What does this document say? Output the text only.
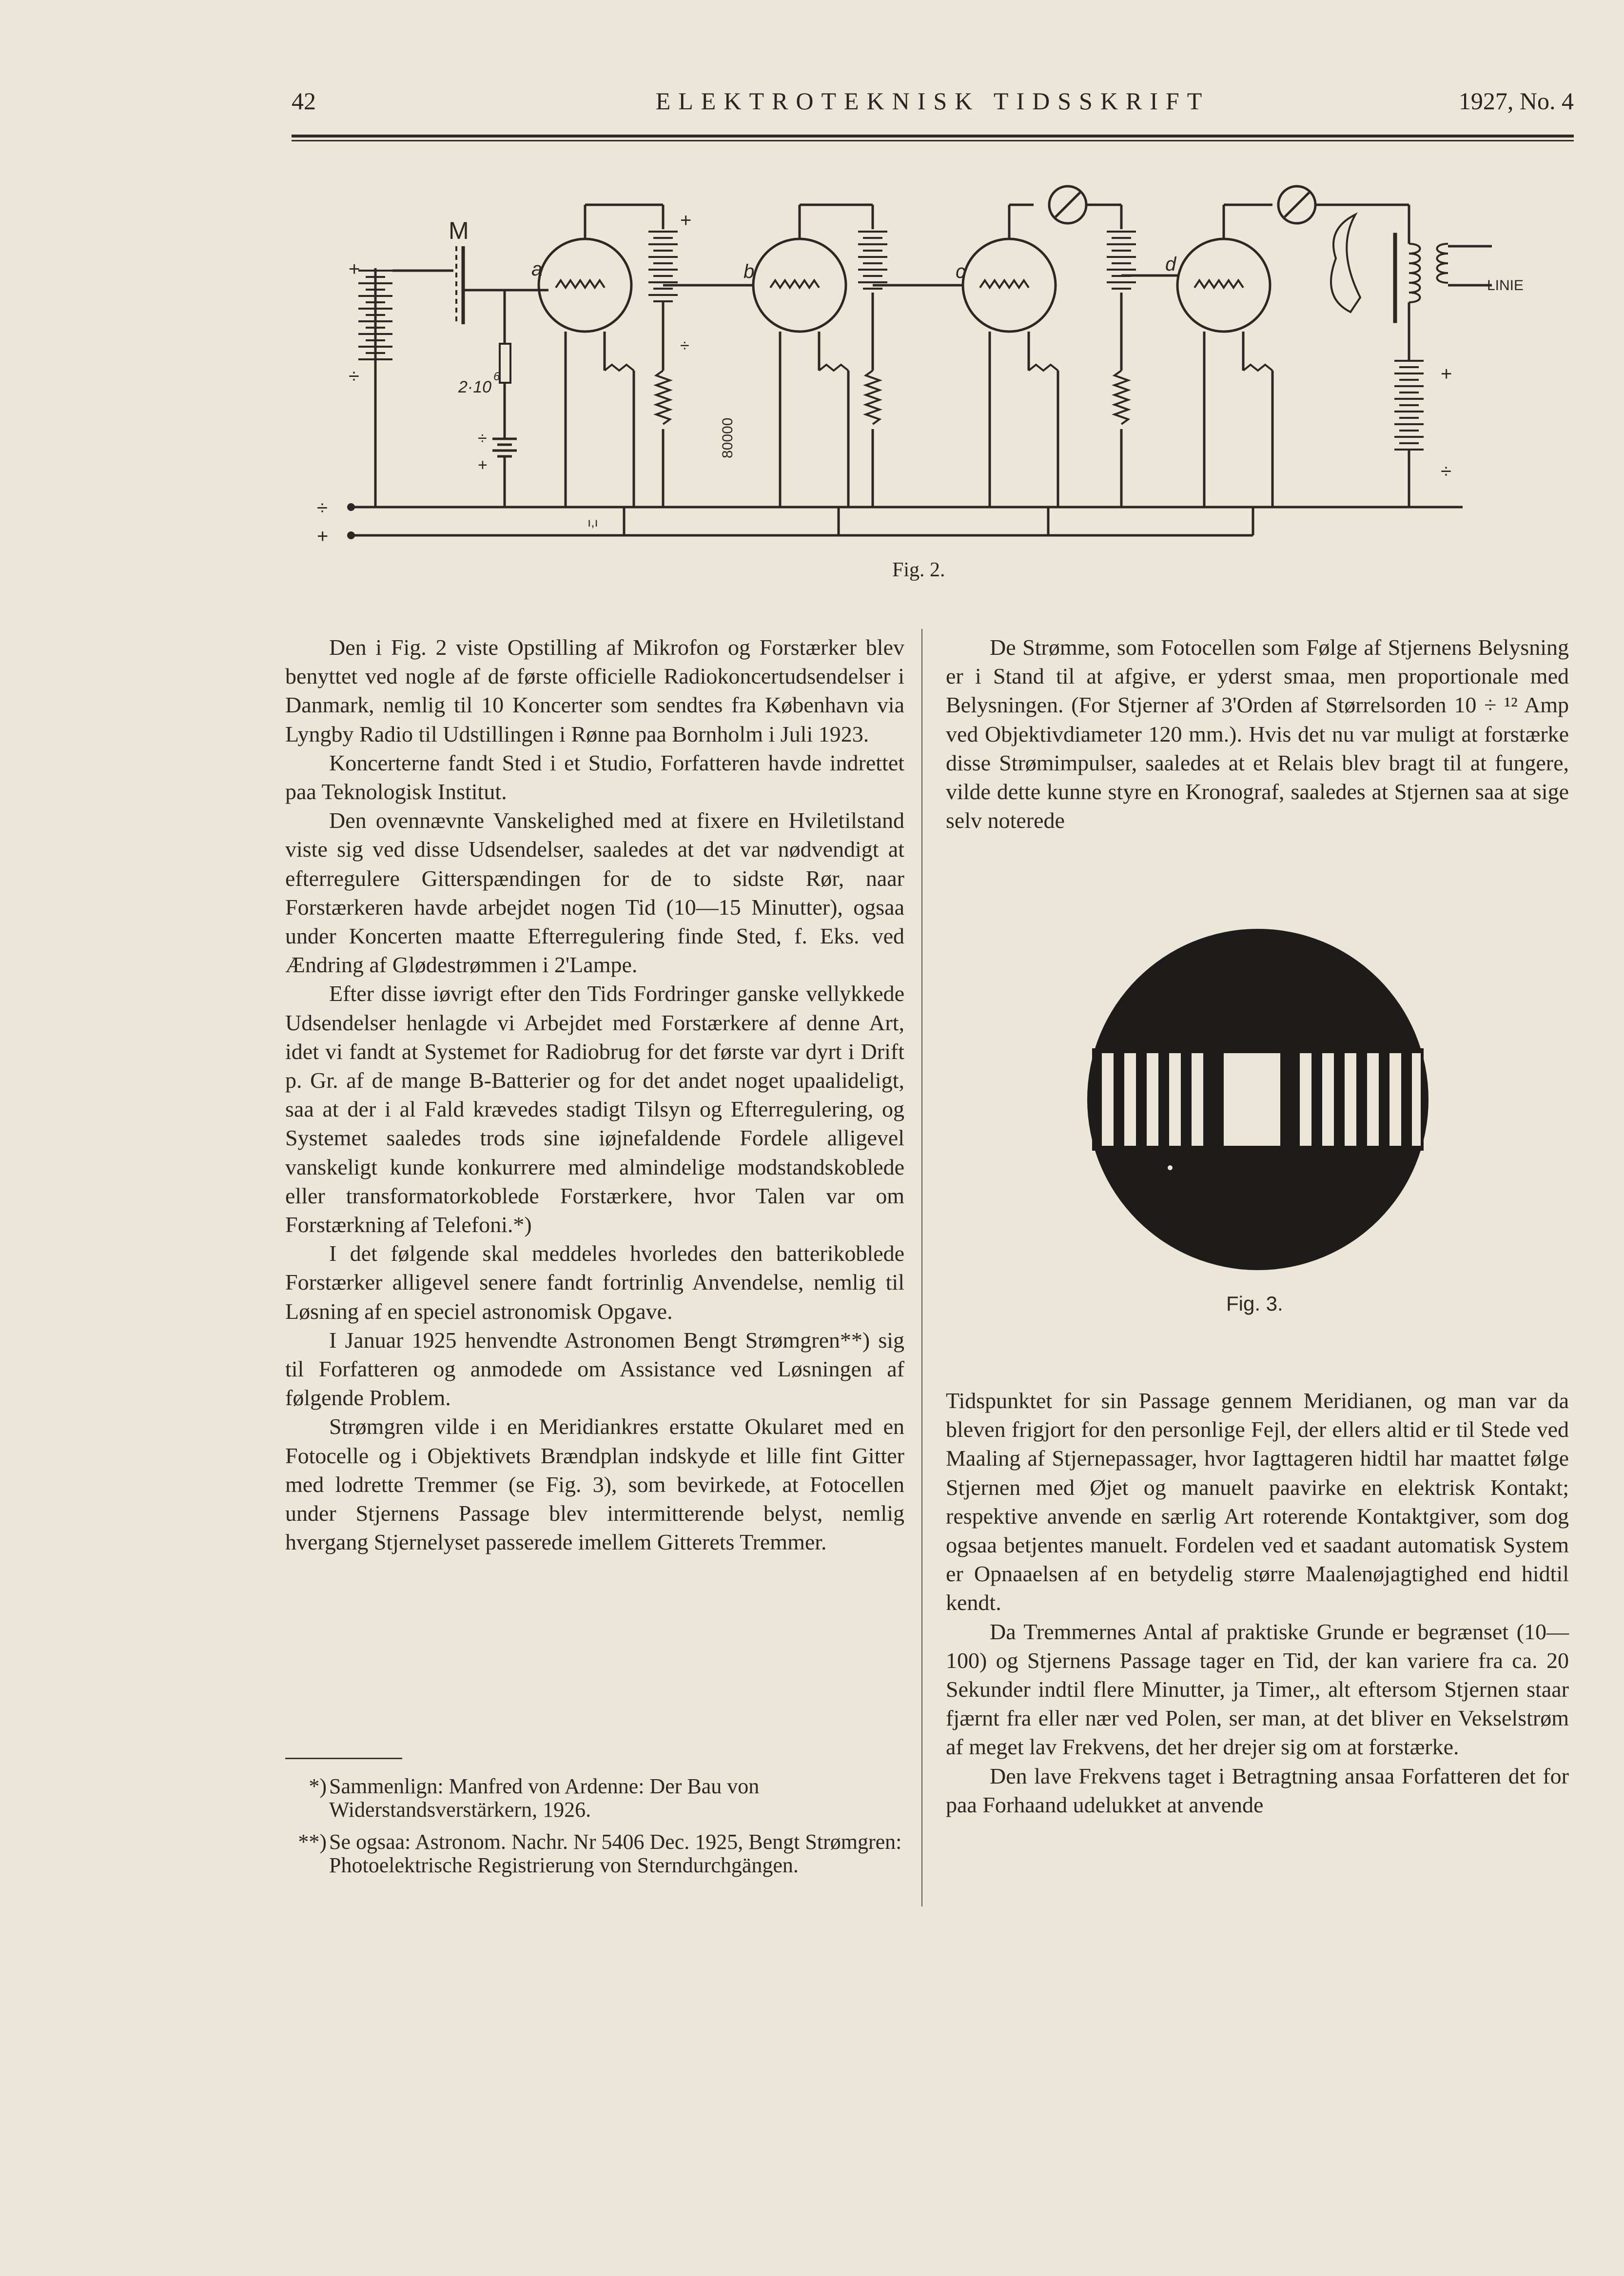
42	ELEKTROTEKNISK TIDSSKRIFT	1927, No. 4
M
+
÷	2·10
6
÷
+
a	b	c	d
+
÷
80000
LINIE
+
÷
÷
+
ı,ı
Fig. 2.

Den i Fig. 2 viste Opstilling af Mikrofon og Forstærker blev benyttet ved nogle af de første officielle Radiokoncertudsendelser i Danmark, nemlig til 10 Koncerter som sendtes fra København via Lyngby Radio til Udstillingen i Rønne paa Bornholm i Juli 1923.

Koncerterne fandt Sted i et Studio, Forfatteren havde indrettet paa Teknologisk Institut.

Den ovennævnte Vanskelighed med at fixere en Hviletilstand viste sig ved disse Udsendelser, saaledes at det var nødvendigt at efterregulere Gitterspændingen for de to sidste Rør, naar Forstærkeren havde arbejdet nogen Tid (10—15 Minutter), ogsaa under Koncerten maatte Efterregulering finde Sted, f. Eks. ved Ændring af Glødestrømmen i 2'Lampe.

Efter disse iøvrigt efter den Tids Fordringer ganske vellykkede Udsendelser henlagde vi Arbejdet med Forstærkere af denne Art, idet vi fandt at Systemet for Radiobrug for det første var dyrt i Drift p. Gr. af de mange B-Batterier og for det andet noget upaalideligt, saa at der i al Fald krævedes stadigt Tilsyn og Efterregulering, og Systemet saaledes trods sine iøjnefaldende Fordele alligevel vanskeligt kunde konkurrere med almindelige modstandskoblede eller transformatorkoblede Forstærkere, hvor Talen var om Forstærkning af Telefoni.*)

I det følgende skal meddeles hvorledes den batterikoblede Forstærker alligevel senere fandt fortrinlig Anvendelse, nemlig til Løsning af en speciel astronomisk Opgave.

I Januar 1925 henvendte Astronomen Bengt Strømgren**) sig til Forfatteren og anmodede om Assistance ved Løsningen af følgende Problem.

Strømgren vilde i en Meridiankres erstatte Okularet med en Fotocelle og i Objektivets Brændplan indskyde et lille fint Gitter med lodrette Tremmer (se Fig. 3), som bevirkede, at Fotocellen under Stjernens Passage blev intermitterende belyst, nemlig hvergang Stjernelyset passerede imellem Gitterets Tremmer.

*) Sammenlign: Manfred von Ardenne: Der Bau von Widerstandsverstärkern, 1926.
**) Se ogsaa: Astronom. Nachr. Nr 5406 Dec. 1925, Bengt Strømgren: Photoelektrische Registrierung von Sterndurchgängen.

De Strømme, som Fotocellen som Følge af Stjernens Belysning er i Stand til at afgive, er yderst smaa, men proportionale med Belysningen. (For Stjerner af 3'Orden af Størrelsorden 10 ÷ ¹² Amp ved Objektivdiameter 120 mm.). Hvis det nu var muligt at forstærke disse Strømimpulser, saaledes at et Relais blev bragt til at fungere, vilde dette kunne styre en Kronograf, saaledes at Stjernen saa at sige selv noterede

Fig. 3.

Tidspunktet for sin Passage gennem Meridianen, og man var da bleven frigjort for den personlige Fejl, der ellers altid er til Stede ved Maaling af Stjernepassager, hvor Iagttageren hidtil har maattet følge Stjernen med Øjet og manuelt paavirke en elektrisk Kontakt; respektive anvende en særlig Art roterende Kontaktgiver, som dog ogsaa betjentes manuelt. Fordelen ved et saadant automatisk System er Opnaaelsen af en betydelig større Maalenøjagtighed end hidtil kendt.

Da Tremmernes Antal af praktiske Grunde er begrænset (10—100) og Stjernens Passage tager en Tid, der kan variere fra ca. 20 Sekunder indtil flere Minutter, ja Timer,, alt eftersom Stjernen staar fjærnt fra eller nær ved Polen, ser man, at det bliver en Vekselstrøm af meget lav Frekvens, det her drejer sig om at forstærke.

Den lave Frekvens taget i Betragtning ansaa Forfatteren det for paa Forhaand udelukket at anvende
